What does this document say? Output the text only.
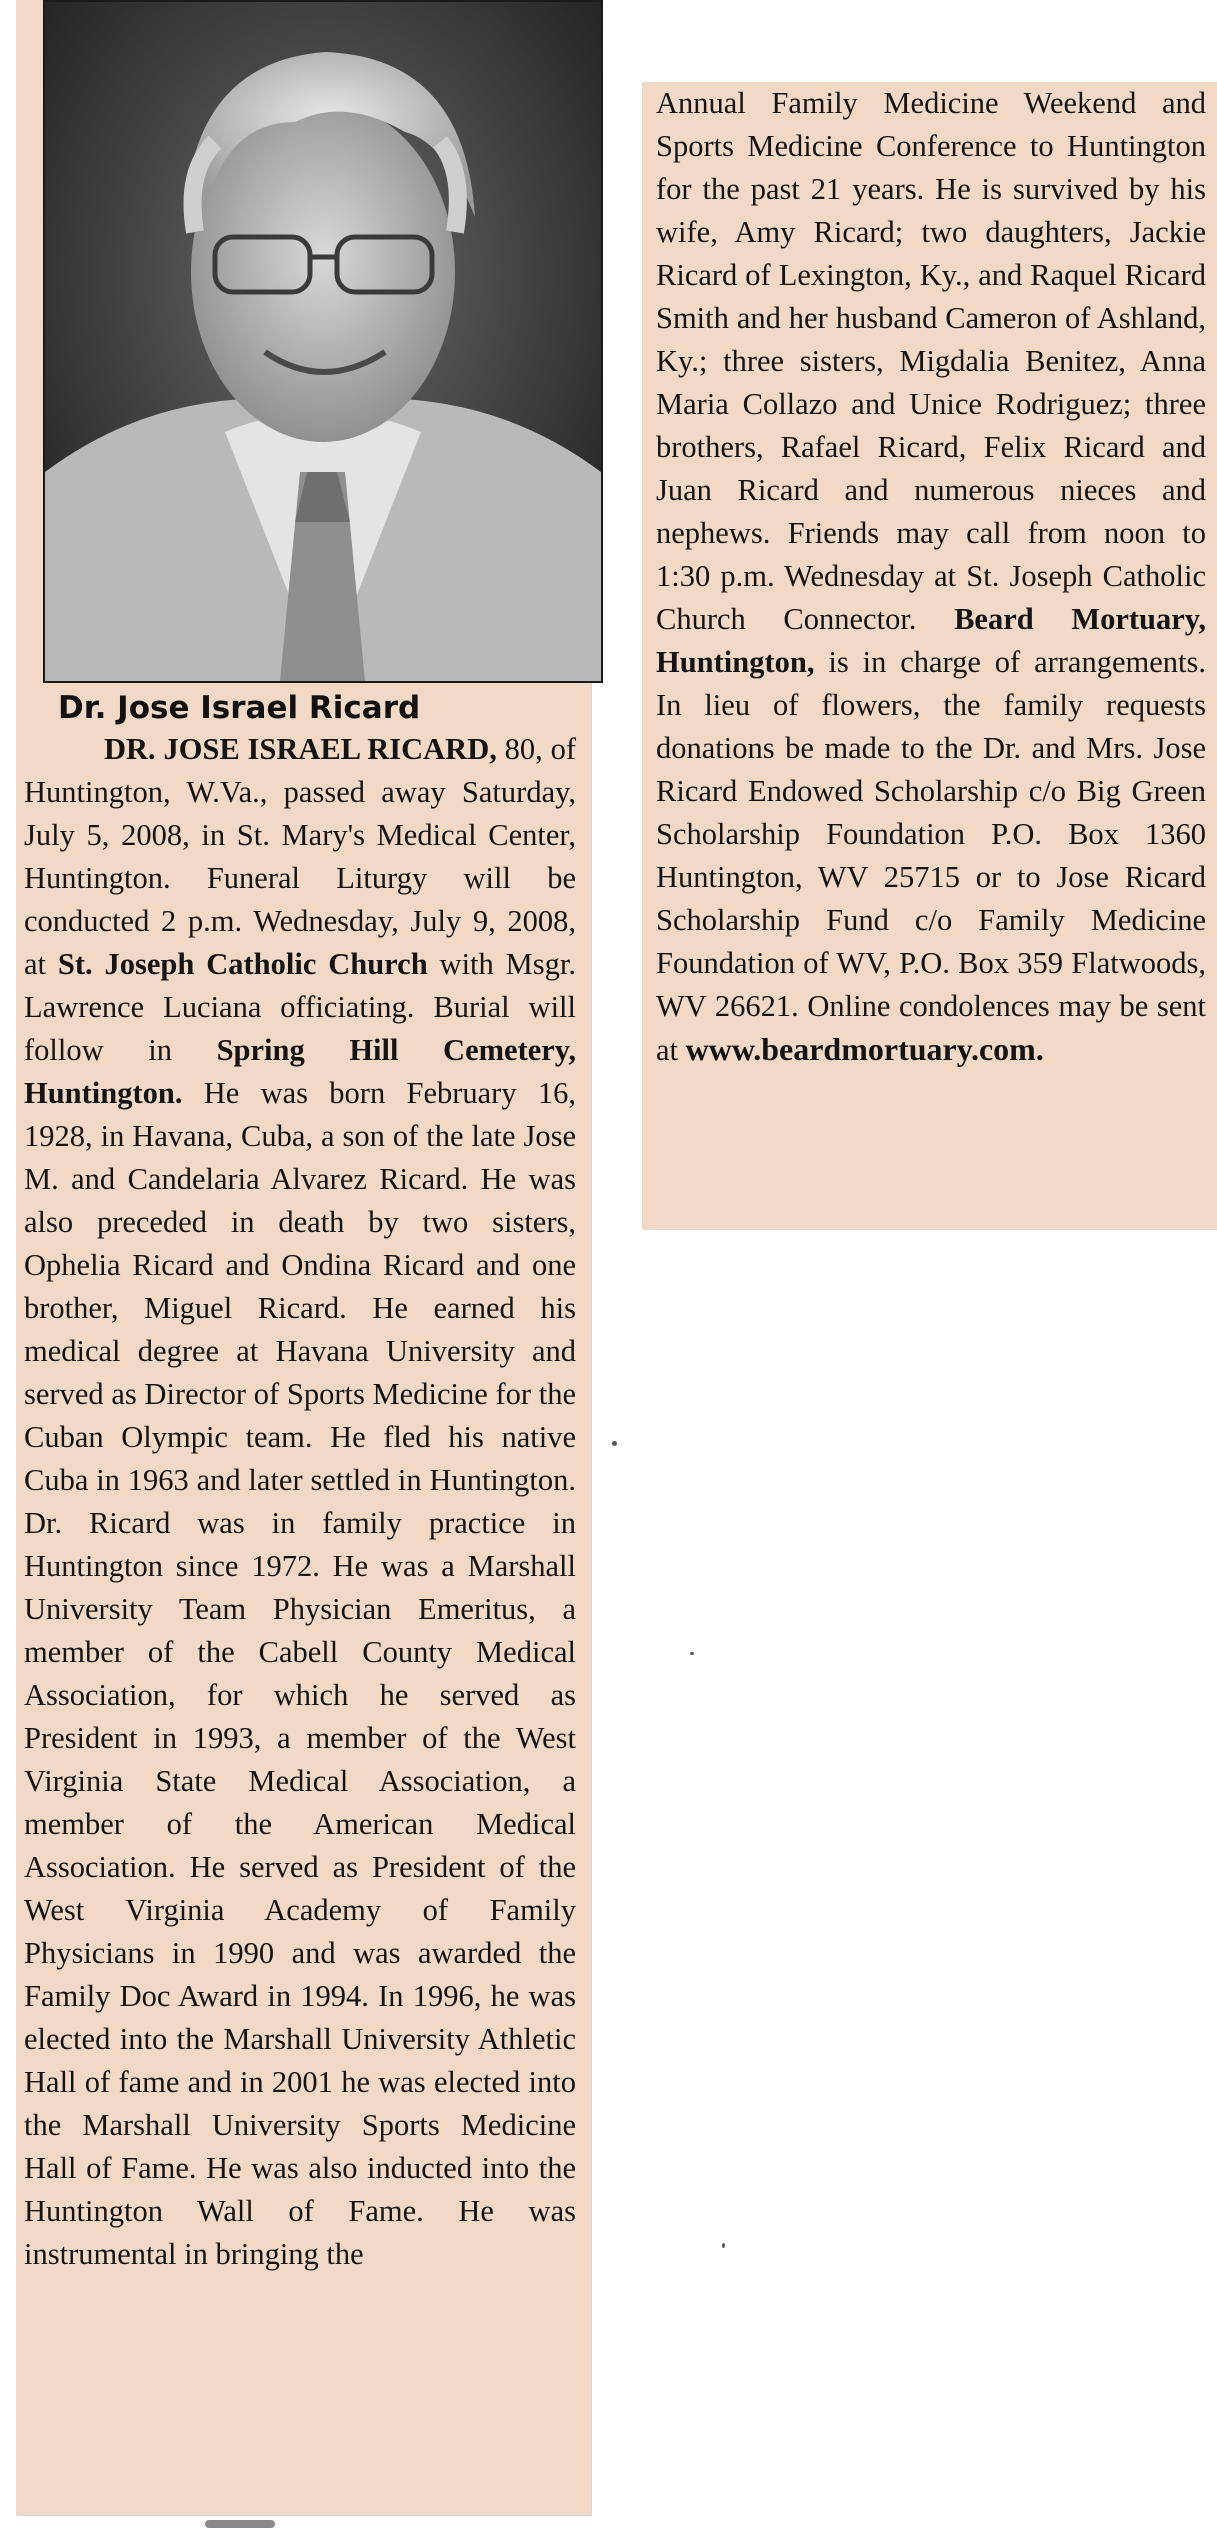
Dr. Jose Israel Ricard
DR. JOSE ISRAEL RICARD, 80, of Huntington, W.Va., passed away Saturday, July 5, 2008, in St. Mary's Medical Center, Huntington. Funeral Liturgy will be conducted 2 p.m. Wednesday, July 9, 2008, at St. Joseph Catholic Church with Msgr. Lawrence Luciana officiating. Burial will follow in Spring Hill Cemetery, Huntington. He was born February 16, 1928, in Havana, Cuba, a son of the late Jose M. and Candelaria Alvarez Ricard. He was also preceded in death by two sisters, Ophelia Ricard and Ondina Ricard and one brother, Miguel Ricard. He earned his medical degree at Havana University and served as Director of Sports Medicine for the Cuban Olympic team. He fled his native Cuba in 1963 and later settled in Huntington. Dr. Ricard was in family practice in Huntington since 1972. He was a Marshall University Team Physician Emeritus, a member of the Cabell County Medical Association, for which he served as President in 1993, a member of the West Virginia State Medical Association, a member of the American Medical Association. He served as President of the West Virginia Academy of Family Physicians in 1990 and was awarded the Family Doc Award in 1994. In 1996, he was elected into the Marshall University Athletic Hall of fame and in 2001 he was elected into the Marshall University Sports Medicine Hall of Fame. He was also inducted into the Huntington Wall of Fame. He was instrumental in bringing the
Annual Family Medicine Weekend and Sports Medicine Conference to Huntington for the past 21 years. He is survived by his wife, Amy Ricard; two daughters, Jackie Ricard of Lexington, Ky., and Raquel Ricard Smith and her husband Cameron of Ashland, Ky.; three sisters, Migdalia Benitez, Anna Maria Collazo and Unice Rodriguez; three brothers, Rafael Ricard, Felix Ricard and Juan Ricard and numerous nieces and nephews. Friends may call from noon to 1:30 p.m. Wednesday at St. Joseph Catholic Church Connector. Beard Mortuary, Huntington, is in charge of arrangements. In lieu of flowers, the family requests donations be made to the Dr. and Mrs. Jose Ricard Endowed Scholarship c/o Big Green Scholarship Foundation P.O. Box 1360 Huntington, WV 25715 or to Jose Ricard Scholarship Fund c/o Family Medicine Foundation of WV, P.O. Box 359 Flatwoods, WV 26621. Online condolences may be sent at www.beardmortuary.com.
